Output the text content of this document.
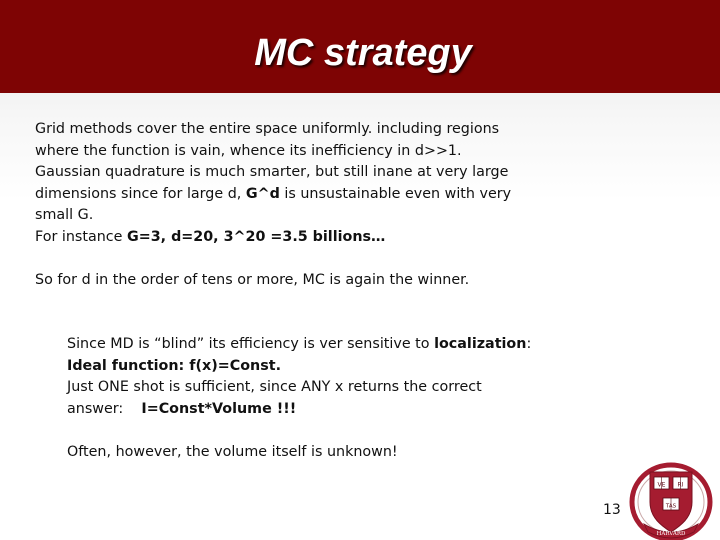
MC strategy
Grid methods cover the entire space uniformly. including regions
where the function is vain, whence its inefficiency in d>>1.
Gaussian quadrature is much smarter, but still inane at very large
dimensions since for large d, G^d is unsustainable even with very
small G.
For instance G=3, d=20, 3^20 =3.5 billions…
So for d in the order of tens or more, MC is again the winner.
Since MD is “blind” its efficiency is ver sensitive to localization:
Ideal function: f(x)=Const.
Just ONE shot is sufficient, since ANY x returns the correct
answer:    I=Const*Volume !!!
Often, however, the volume itself is unknown!
13
VE RI
TAS
HARVARD
